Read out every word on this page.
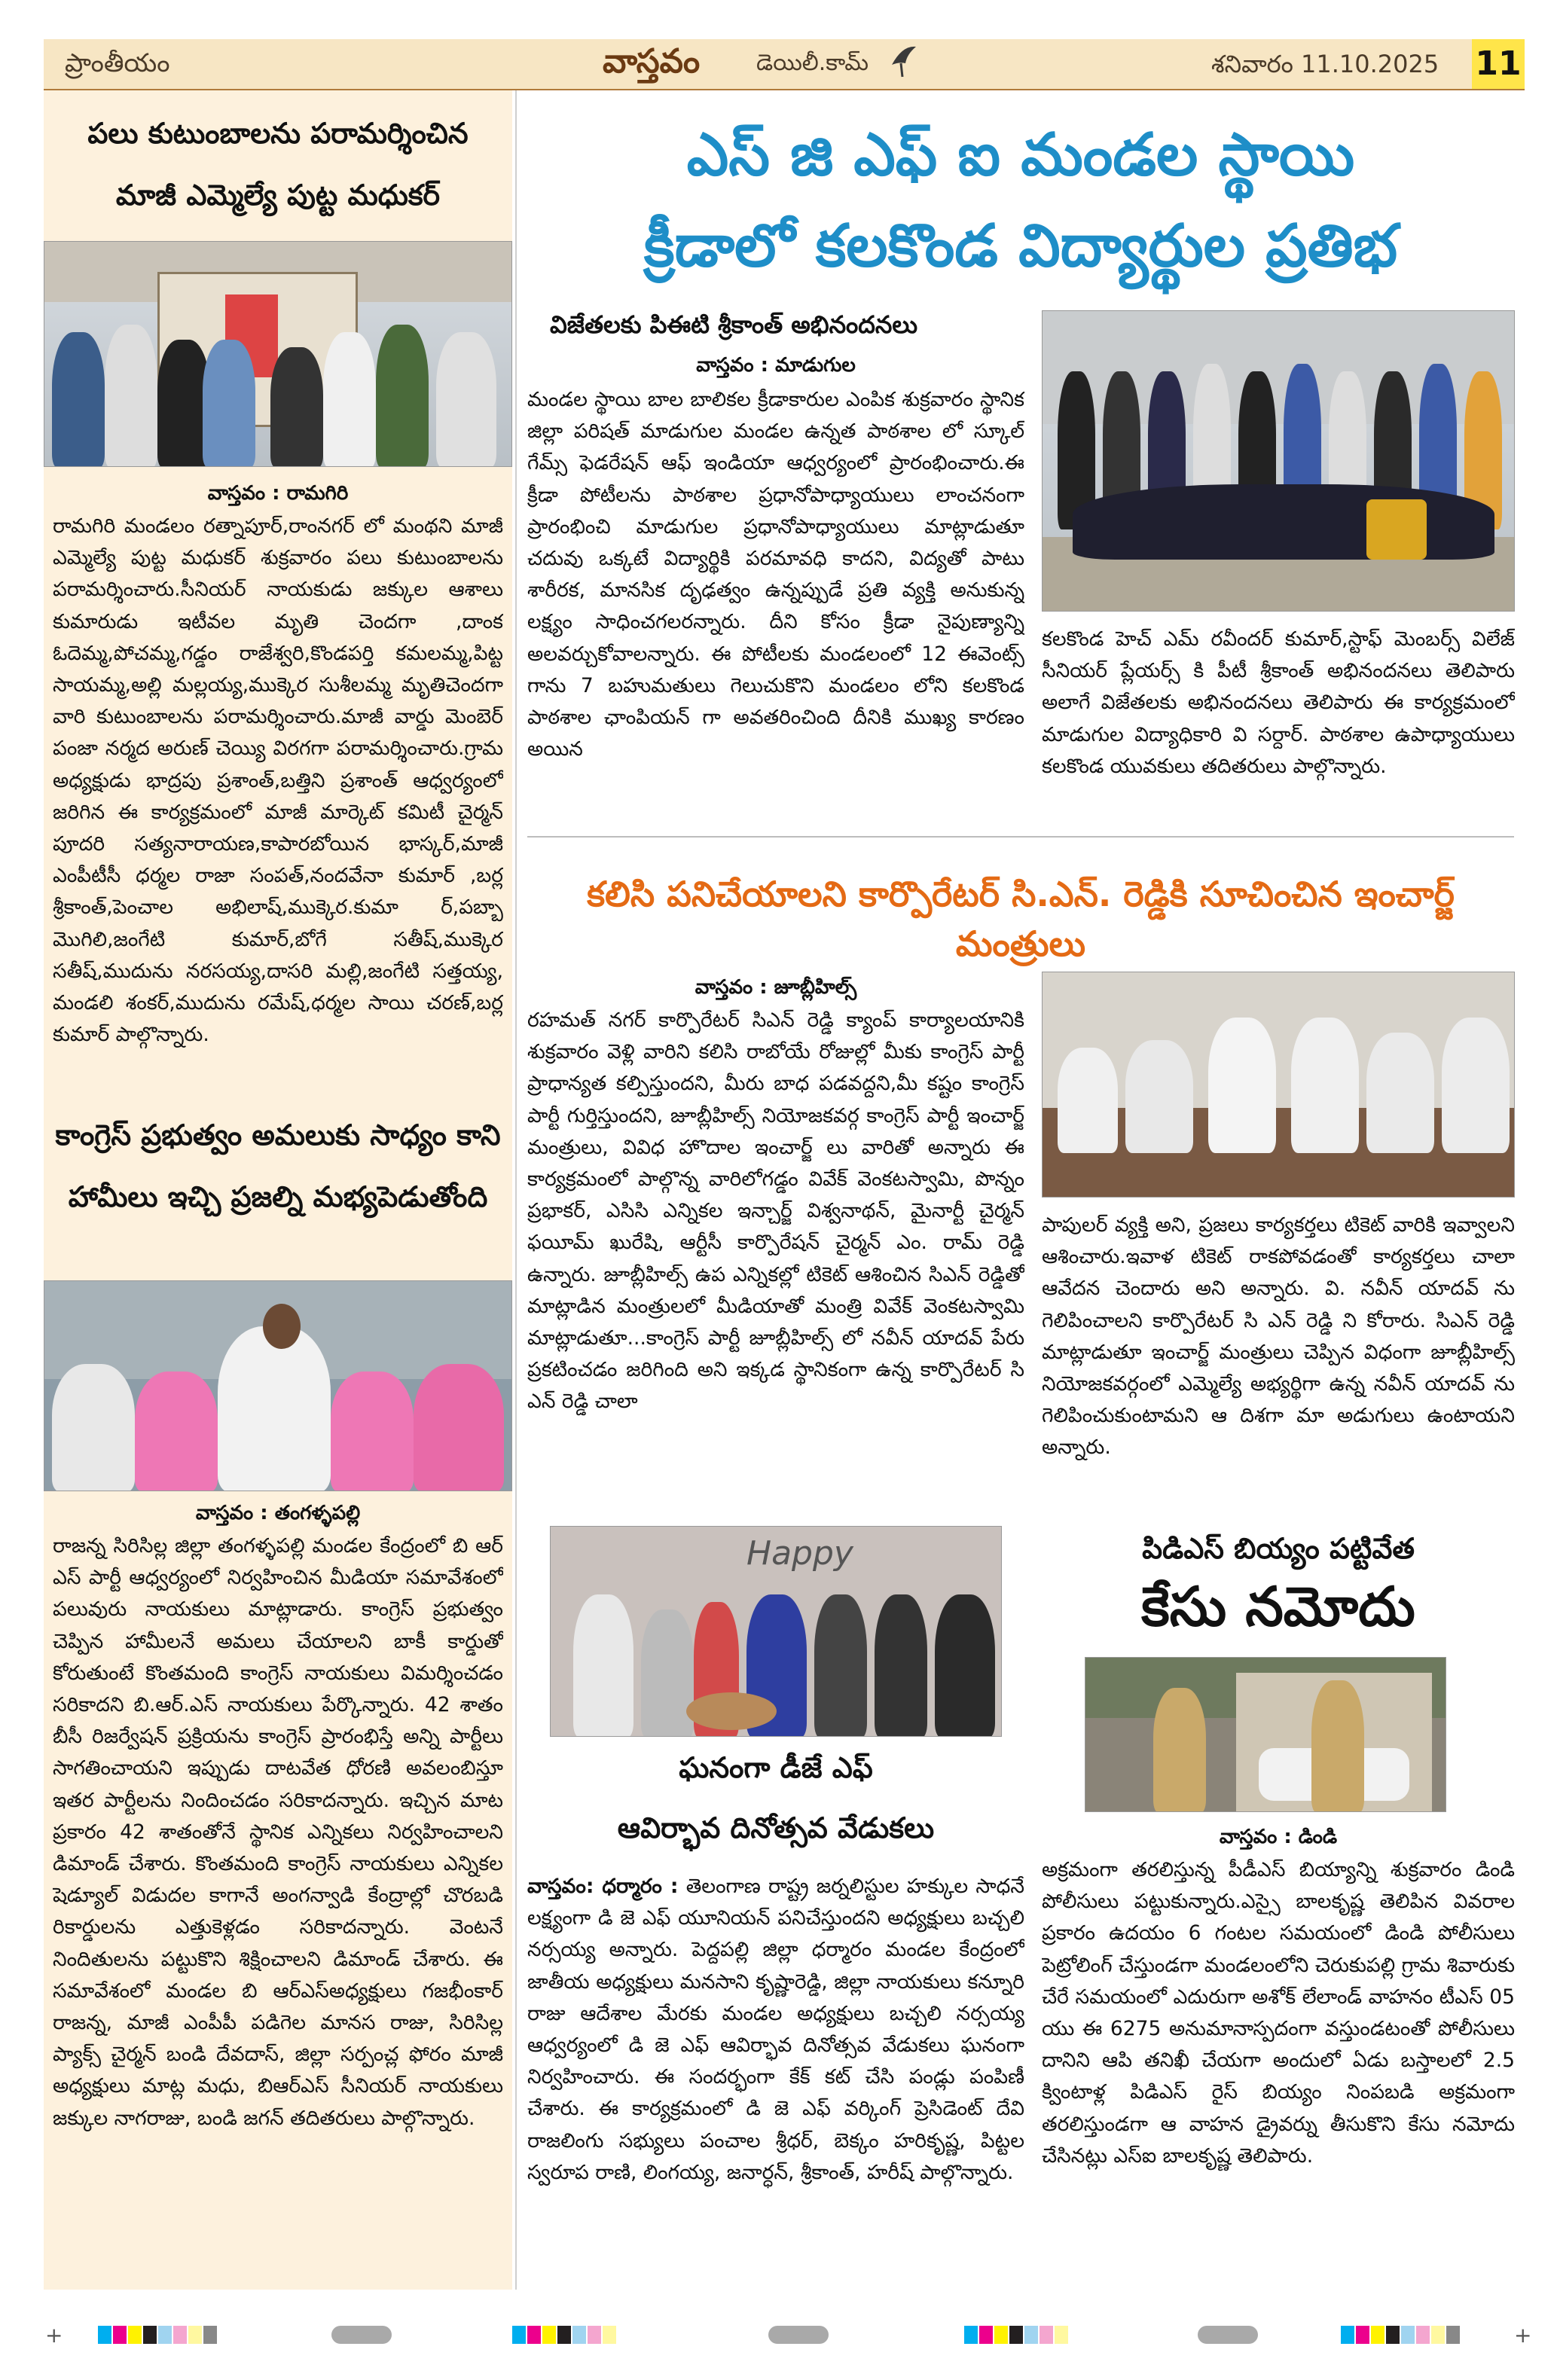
ప్రాంతీయం	వాస్తవం డెయిలీ.కామ్	శనివారం 11.10.2025 11
పలు కుటుంబాలను పరామర్శించిన
మాజీ ఎమ్మెల్యే పుట్ట మధుకర్
వాస్తవం : రామగిరి
రామగిరి మండలం రత్నాపూర్,రాంనగర్ లో మంథని మాజీ ఎమ్మెల్యే పుట్ట మధుకర్ శుక్రవారం పలు కుటుంబాలను పరామర్శించారు.సీనియర్ నాయకుడు జక్కుల ఆశాలు కుమారుడు ఇటీవల మృతి చెందగా ,దాంక ఓదెమ్మ,పోచమ్మ,గడ్డం రాజేశ్వరి,కొండపర్తి కమలమ్మ,పిట్ట సాయమ్మ,అల్లి మల్లయ్య,ముక్కెర సుశీలమ్మ మృతిచెందగా వారి కుటుంబాలను పరామర్శించారు.మాజీ వార్డు మెంబెర్ పంజా నర్మద అరుణ్ చెయ్యి విరగగా పరామర్శించారు.గ్రామ అధ్యక్షుడు భాద్రపు ప్రశాంత్,బత్తిని ప్రశాంత్ ఆధ్వర్యంలో జరిగిన ఈ కార్యక్రమంలో మాజీ మార్కెట్ కమిటీ చైర్మన్ పూదరి సత్యనారాయణ,కాపారబోయిన భాస్కర్,మాజీ ఎంపీటీసీ ధర్మల రాజా సంపత్,నందవేనా కుమార్ ,బర్ల శ్రీకాంత్,పెంచాల అభిలాష్,ముక్కెర.కుమా ర్,పబ్బా మొగిలి,జంగేటి కుమార్,బోగే సతీష్,ముక్కెర సతీష్,ముదును నరసయ్య,దాసరి మల్లి,జంగేటి సత్తయ్య, మండలి శంకర్,ముదును రమేష్,ధర్మల సాయి చరణ్,బర్ల కుమార్ పాల్గొన్నారు.
కాంగ్రెస్ ప్రభుత్వం అమలుకు సాధ్యం కాని
హామీలు ఇచ్చి ప్రజల్ని మభ్యపెడుతోంది
వాస్తవం : తంగళ్ళపల్లి
రాజన్న సిరిసిల్ల జిల్లా తంగళ్ళపల్లి మండల కేంద్రంలో బి ఆర్ ఎస్ పార్టీ ఆధ్వర్యంలో నిర్వహించిన మీడియా సమావేశంలో పలువురు నాయకులు మాట్లాడారు. కాంగ్రెస్ ప్రభుత్వం చెప్పిన హామీలనే అమలు చేయాలని బాకీ కార్డుతో కోరుతుంటే కొంతమంది కాంగ్రెస్ నాయకులు విమర్శించడం సరికాదని బి.ఆర్.ఎస్ నాయకులు పేర్కొన్నారు. 42 శాతం బీసీ రిజర్వేషన్ ప్రక్రియను కాంగ్రెస్ ప్రారంభిస్తే అన్ని పార్టీలు సాగతించాయని ఇప్పుడు దాటవేత ధోరణి అవలంబిస్తూ ఇతర పార్టీలను నిందించడం సరికాదన్నారు. ఇచ్చిన మాట ప్రకారం 42 శాతంతోనే స్థానిక ఎన్నికలు నిర్వహించాలని డిమాండ్ చేశారు. కొంతమంది కాంగ్రెస్ నాయకులు ఎన్నికల షెడ్యూల్ విడుదల కాగానే అంగన్వాడి కేంద్రాల్లో చొరబడి రికార్డులను ఎత్తుకెళ్లడం సరికాదన్నారు. వెంటనే నిందితులను పట్టుకొని శిక్షించాలని డిమాండ్ చేశారు. ఈ సమావేశంలో మండల బి ఆర్ఎస్అధ్యక్షులు గజభీంకార్ రాజన్న, మాజీ ఎంపీపీ పడిగెల మానస రాజు, సిరిసిల్ల ప్యాక్స్ చైర్మన్ బండి దేవదాస్, జిల్లా సర్పంచ్ల ఫోరం మాజీ అధ్యక్షులు మాట్ల మధు, బిఆర్ఎస్ సీనియర్ నాయకులు జక్కుల నాగరాజు, బండి జగన్ తదితరులు పాల్గొన్నారు.
ఎస్ జి ఎఫ్ ఐ మండల స్థాయి
క్రీడాలో కలకొండ విద్యార్థుల ప్రతిభ
విజేతలకు పిఈటి శ్రీకాంత్ అభినందనలు
వాస్తవం : మాడుగుల
మండల స్థాయి బాల బాలికల క్రీడాకారుల ఎంపిక శుక్రవారం స్థానిక జిల్లా పరిషత్ మాడుగుల మండల ఉన్నత పాఠశాల లో స్కూల్ గేమ్స్ ఫెడరేషన్ ఆఫ్ ఇండియా ఆధ్వర్యంలో ప్రారంభించారు.ఈ క్రీడా పోటీలను పాఠశాల ప్రధానోపాధ్యాయులు లాంచనంగా ప్రారంభించి మాడుగుల ప్రధానోపాధ్యాయులు మాట్లాడుతూ చదువు ఒక్కటే విద్యార్థికి పరమావధి కాదని, విద్యతో పాటు శారీరక, మానసిక దృఢత్వం ఉన్నప్పుడే ప్రతి వ్యక్తి అనుకున్న లక్ష్యం సాధించగలరన్నారు. దీని కోసం క్రీడా నైపుణ్యాన్ని అలవర్చుకోవాలన్నారు. ఈ పోటీలకు మండలంలో 12 ఈవెంట్స్ గాను 7 బహుమతులు గెలుచుకొని మండలం లోని కలకొండ పాఠశాల ఛాంపియన్ గా అవతరించింది దీనికి ముఖ్య కారణం అయిన
కలకొండ హెచ్ ఎమ్ రవీందర్ కుమార్,స్టాఫ్ మెంబర్స్ విలేజ్ సీనియర్ ప్లేయర్స్ కి పీటీ శ్రీకాంత్ అభినందనలు తెలిపారు అలాగే విజేతలకు అభినందనలు తెలిపారు ఈ కార్యక్రమంలో మాడుగుల విద్యాధికారి వి సర్దార్. పాఠశాల ఉపాధ్యాయులు కలకొండ యువకులు తదితరులు పాల్గొన్నారు.
కలిసి పనిచేయాలని కార్పొరేటర్ సి.ఎన్. రెడ్డికి సూచించిన ఇంచార్జ్ మంత్రులు
వాస్తవం : జూబ్లీహిల్స్
రహమత్ నగర్ కార్పొరేటర్ సిఎన్ రెడ్డి క్యాంప్ కార్యాలయానికి శుక్రవారం వెళ్లి వారిని కలిసి రాబోయే రోజుల్లో మీకు కాంగ్రెస్ పార్టీ ప్రాధాన్యత కల్పిస్తుందని, మీరు బాధ పడవద్దని,మీ కష్టం కాంగ్రెస్ పార్టీ గుర్తిస్తుందని, జూబ్లీహిల్స్ నియోజకవర్గ కాంగ్రెస్ పార్టీ ఇంచార్జ్ మంత్రులు, వివిధ హొదాల ఇంచార్జ్ లు వారితో అన్నారు ఈ కార్యక్రమంలో పాల్గొన్న వారిలోగడ్డం వివేక్ వెంకటస్వామి, పొన్నం ప్రభాకర్, ఎసిసి ఎన్నికల ఇన్చార్జ్ విశ్వనాథన్, మైనార్టీ చైర్మన్ ఫయీమ్ ఖురేషి, ఆర్టీసీ కార్పొరేషన్ చైర్మన్ ఎం. రామ్ రెడ్డి ఉన్నారు. జూబ్లీహిల్స్ ఉప ఎన్నికల్లో టికెట్ ఆశించిన సిఎన్ రెడ్డితో మాట్లాడిన మంత్రులలో మీడియాతో మంత్రి వివేక్ వెంకటస్వామి మాట్లాడుతూ...కాంగ్రెస్ పార్టీ జూబ్లీహిల్స్ లో నవీన్ యాదవ్ పేరు ప్రకటించడం జరిగింది అని ఇక్కడ స్థానికంగా ఉన్న కార్పొరేటర్ సి ఎన్ రెడ్డి చాలా
పాపులర్ వ్యక్తి అని, ప్రజలు కార్యకర్తలు టికెట్ వారికి ఇవ్వాలని ఆశించారు.ఇవాళ టికెట్ రాకపోవడంతో కార్యకర్తలు చాలా ఆవేదన చెందారు అని అన్నారు. వి. నవీన్ యాదవ్ ను గెలిపించాలని కార్పొరేటర్ సి ఎన్ రెడ్డి ని కోరారు. సిఎన్ రెడ్డి మాట్లాడుతూ ఇంచార్జ్ మంత్రులు చెప్పిన విధంగా జూబ్లీహిల్స్ నియోజకవర్గంలో ఎమ్మెల్యే అభ్యర్థిగా ఉన్న నవీన్ యాదవ్ ను గెలిపించుకుంటామని ఆ దిశగా మా అడుగులు ఉంటాయని అన్నారు.
Happy
ఘనంగా డీజే ఎఫ్
ఆవిర్భావ దినోత్సవ వేడుకలు
వాస్తవం: ధర్మారం : తెలంగాణ రాష్ట్ర జర్నలిస్టుల హక్కుల సాధనే లక్ష్యంగా డి జె ఎఫ్ యూనియన్ పనిచేస్తుందని అధ్యక్షులు బచ్చలి నర్సయ్య అన్నారు. పెద్దపల్లి జిల్లా ధర్మారం మండల కేంద్రంలో జాతీయ అధ్యక్షులు మనసాని కృష్ణారెడ్డి, జిల్లా నాయకులు కన్నూరి రాజు ఆదేశాల మేరకు మండల అధ్యక్షులు బచ్చలి నర్సయ్య ఆధ్వర్యంలో డి జె ఎఫ్ ఆవిర్భావ దినోత్సవ వేడుకలు ఘనంగా నిర్వహించారు. ఈ సందర్భంగా కేక్ కట్ చేసి పండ్లు పంపిణీ చేశారు. ఈ కార్యక్రమంలో డి జె ఎఫ్ వర్కింగ్ ప్రెసిడెంట్ దేవి రాజలింగు సభ్యులు పంచాల శ్రీధర్, బెక్కం హరికృష్ణ, పిట్టల స్వరూప రాణి, లింగయ్య, జనార్ధన్, శ్రీకాంత్, హరీష్ పాల్గొన్నారు.
పిడిఎస్ బియ్యం పట్టివేత
కేసు నమోదు
వాస్తవం : డిండి
అక్రమంగా తరలిస్తున్న పీడీఎస్ బియ్యాన్ని శుక్రవారం డిండి పోలీసులు పట్టుకున్నారు.ఎస్సై బాలకృష్ణ తెలిపిన వివరాల ప్రకారం ఉదయం 6 గంటల సమయంలో డిండి పోలీసులు పెట్రోలింగ్ చేస్తుండగా మండలంలోని చెరుకుపల్లి గ్రామ శివారుకు చేరే సమయంలో ఎదురుగా అశోక్ లేలాండ్ వాహనం టీఎస్ 05 యు ఈ 6275 అనుమానాస్పదంగా వస్తుండటంతో పోలీసులు దానిని ఆపి తనిఖీ చేయగా అందులో ఏడు బస్తాలలో 2.5 క్వింటాళ్ల పిడిఎస్ రైస్ బియ్యం నింపబడి అక్రమంగా తరలిస్తుండగా ఆ వాహన డ్రైవర్ను తీసుకొని కేసు నమోదు చేసినట్లు ఎస్ఐ బాలకృష్ణ తెలిపారు.
+	+
